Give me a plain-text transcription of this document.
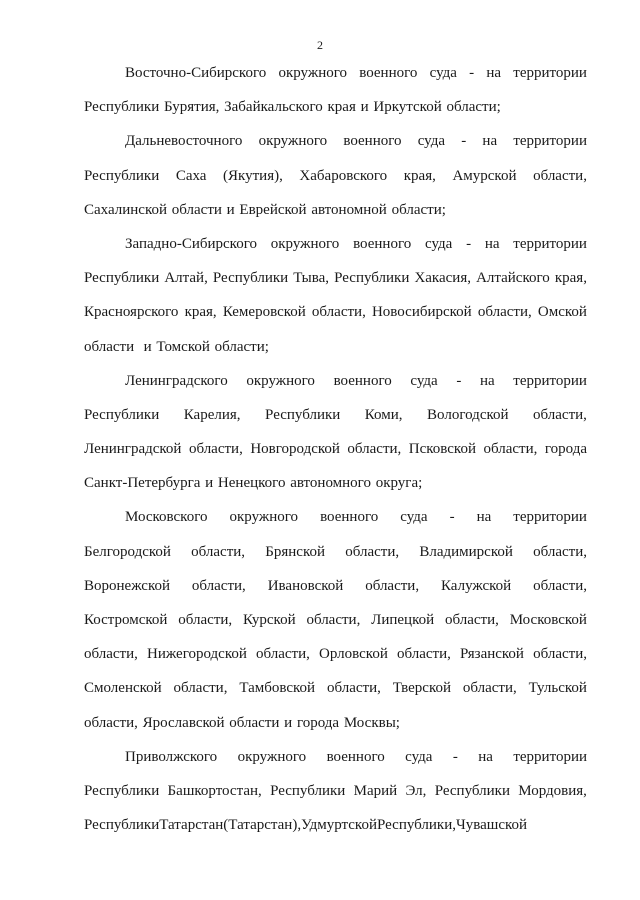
2
Восточно-Сибирского окружного военного суда - на территории
Республики Бурятия, Забайкальского края и Иркутской области;
Дальневосточного окружного военного суда - на территории
Республики Саха (Якутия), Хабаровского края, Амурской области,
Сахалинской области и Еврейской автономной области;
Западно-Сибирского окружного военного суда - на территории
Республики Алтай, Республики Тыва, Республики Хакасия, Алтайского края,
Красноярского края, Кемеровской области, Новосибирской области, Омской
области  и Томской области;
Ленинградского окружного военного суда - на территории
Республики Карелия, Республики Коми, Вологодской области,
Ленинградской области, Новгородской области, Псковской области, города
Санкт-Петербурга и Ненецкого автономного округа;
Московского окружного военного суда - на территории
Белгородской области, Брянской области, Владимирской области,
Воронежской области, Ивановской области, Калужской области,
Костромской области, Курской области, Липецкой области, Московской
области, Нижегородской области, Орловской области, Рязанской области,
Смоленской области, Тамбовской области, Тверской области, Тульской
области, Ярославской области и города Москвы;
Приволжского окружного военного суда - на территории
Республики Башкортостан, Республики Марий Эл, Республики Мордовия,
Республики Татарстан (Татарстан), Удмуртской Республики, Чувашской
